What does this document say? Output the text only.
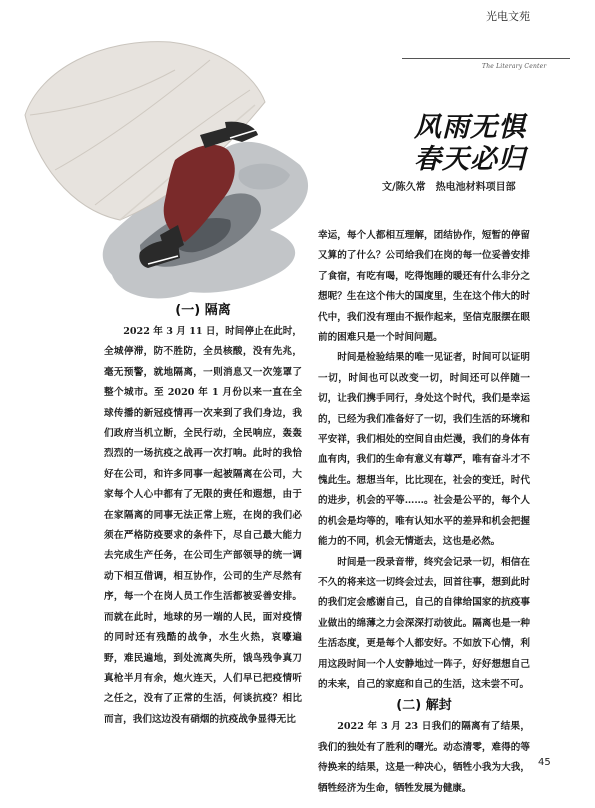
光电文苑
The Literary Center
风雨无惧
春天必归
文/陈久常　热电池材料项目部
(一) 隔离

2022 年 3 月 11 日，时间停止在此时，全城停滞，防不胜防，全员核酸，没有先兆，毫无预警，就地隔离，一则消息又一次笼罩了整个城市。至 2020 年 1 月份以来一直在全球传播的新冠疫情再一次来到了我们身边，我们政府当机立断，全民行动，全民响应，轰轰烈烈的一场抗疫之战再一次打响。此时的我恰好在公司，和许多同事一起被隔离在公司，大家每个人心中都有了无限的责任和遐想，由于在家隔离的同事无法正常上班，在岗的我们必须在严格防疫要求的条件下，尽自己最大能力去完成生产任务，在公司生产部领导的统一调动下相互借调，相互协作，公司的生产尽然有序，每一个在岗人员工作生活都被妥善安排。而就在此时，地球的另一端的人民，面对疫情的同时还有残酷的战争，水生火热，哀嚎遍野，难民遍地，到处流离失所，饿鸟残争真刀真枪半月有余，炮火连天，人们早已把疫情听之任之，没有了正常的生活，何谈抗疫？相比而言，我们这边没有硝烟的抗疫战争显得无比

幸运，每个人都相互理解，团结协作，短暂的停留又算的了什么？公司给我们在岗的每一位妥善安排了食宿，有吃有喝，吃得饱睡的暖还有什么非分之想呢？生在这个伟大的国度里，生在这个伟大的时代中，我们没有理由不振作起来，坚信克服摆在眼前的困难只是一个时间问题。

时间是检验结果的唯一见证者，时间可以证明一切，时间也可以改变一切，时间还可以伴随一切，让我们携手同行，身处这个时代，我们是幸运的，已经为我们准备好了一切，我们生活的环境和平安祥，我们相处的空间自由烂漫，我们的身体有血有肉，我们的生命有意义有尊严，唯有奋斗才不愧此生。想想当年，比比现在，社会的变迁，时代的进步，机会的平等……。社会是公平的，每个人的机会是均等的，唯有认知水平的差异和机会把握能力的不同，机会无情逝去，这也是必然。

时间是一段录音带，终究会记录一切，相信在不久的将来这一切终会过去，回首往事，想到此时的我们定会感谢自己，自己的自律给国家的抗疫事业做出的绵薄之力会深深打动彼此。隔离也是一种生活态度，更是每个人都安好。不如放下心情，利用这段时间一个人安静地过一阵子，好好想想自己的未来，自己的家庭和自己的生活，这未尝不可。

(二) 解封

2022 年 3 月 23 日我们的隔离有了结果，我们的独处有了胜利的曙光。动态清零，难得的等待换来的结果，这是一种决心，牺牲小我为大我，牺牲经济为生命，牺牲发展为健康。

45
